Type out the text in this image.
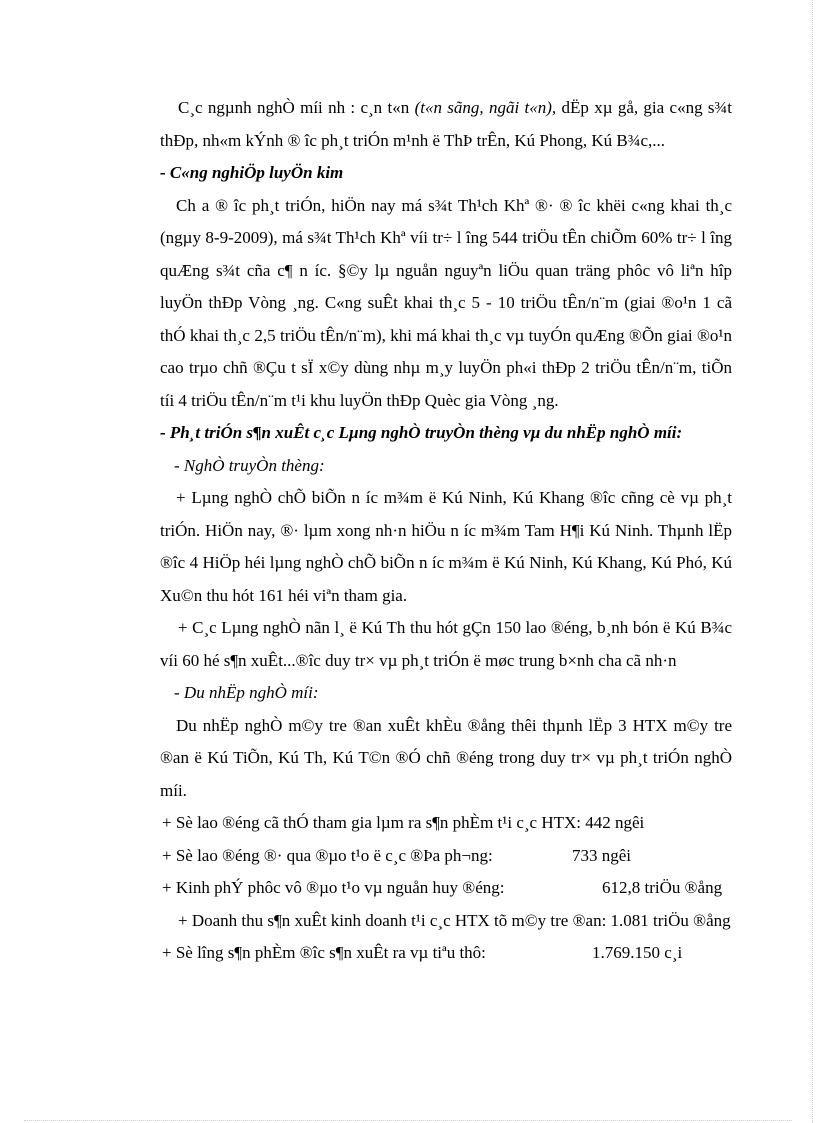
C¸c ngµnh nghÒ míi nh : c¸n t«n (t«n sãng, ngãi t«n), dËp xµ gå, gia c«ng s¾t thÐp, nh«m kÝnh ® îc ph¸t triÓn m¹nh ë ThÞ trÊn, Kú Phong, Kú B¾c,...

- C«ng nghiÖp luyÖn kim

Ch a ® îc ph¸t triÓn, hiÖn nay má s¾t Th¹ch Khª ®· ® îc khëi c«ng khai th¸c (ngµy 8-9-2009), má s¾t Th¹ch Khª víi tr÷ l îng 544 triÖu tÊn chiÕm 60% tr÷ l îng quÆng s¾t cña c¶ n íc. §©y lµ nguån nguyªn liÖu quan träng phôc vô liªn hîp luyÖn thÐp Vòng ¸ng. C«ng suÊt khai th¸c 5 - 10 triÖu tÊn/n¨m (giai ®o¹n 1 cã thÓ khai th¸c 2,5 triÖu tÊn/n¨m), khi má khai th¸c vµ tuyÓn quÆng ®Õn giai ®o¹n cao trµo chñ ®Çu t sÏ x©y dùng nhµ m¸y luyÖn ph«i thÐp 2 triÖu tÊn/n¨m, tiÕn tíi 4 triÖu tÊn/n¨m t¹i khu luyÖn thÐp Quèc gia Vòng ¸ng.

- Ph¸t triÓn s¶n xuÊt c¸c Lµng nghÒ truyÒn thèng vµ du nhËp nghÒ míi:

- NghÒ truyÒn thèng:

+ Lµng nghÒ chÕ biÕn n íc m¾m ë Kú Ninh, Kú Khang ®îc cñng cè vµ ph¸t triÓn. HiÖn nay, ®· lµm xong nh·n hiÖu n íc m¾m Tam H¶i Kú Ninh. Thµnh lËp ®îc 4 HiÖp héi lµng nghÒ chÕ biÕn n íc m¾m ë Kú Ninh, Kú Khang, Kú Phó, Kú Xu©n thu hót 161 héi viªn tham gia.

+ C¸c Lµng nghÒ nãn l¸ ë Kú Th thu hót gÇn 150 lao ®éng, b¸nh bón ë Kú B¾c víi 60 hé s¶n xuÊt...®îc duy tr× vµ ph¸t triÓn ë møc trung b×nh cha cã nh·n

- Du nhËp nghÒ míi:

Du nhËp nghÒ m©y tre ®an xuÊt khÈu ®ång thêi thµnh lËp 3 HTX m©y tre ®an ë Kú TiÕn, Kú Th, Kú T©n ®Ó chñ ®éng trong duy tr× vµ ph¸t triÓn nghÒ míi.

+ Sè lao ®éng cã thÓ tham gia lµm ra s¶n phÈm t¹i c¸c HTX: 442 ngêi
+ Sè lao ®éng ®· qua ®µo t¹o ë c¸c ®Þa ph¬ng:	733 ngêi
+ Kinh phÝ phôc vô ®µo t¹o vµ nguån huy ®éng:	612,8 triÖu ®ång

+ Doanh thu s¶n xuÊt kinh doanh t¹i c¸c HTX tõ m©y tre ®an: 1.081 triÖu ®ång

+ Sè lîng s¶n phÈm ®îc s¶n xuÊt ra vµ tiªu thô:	1.769.150 c¸i
